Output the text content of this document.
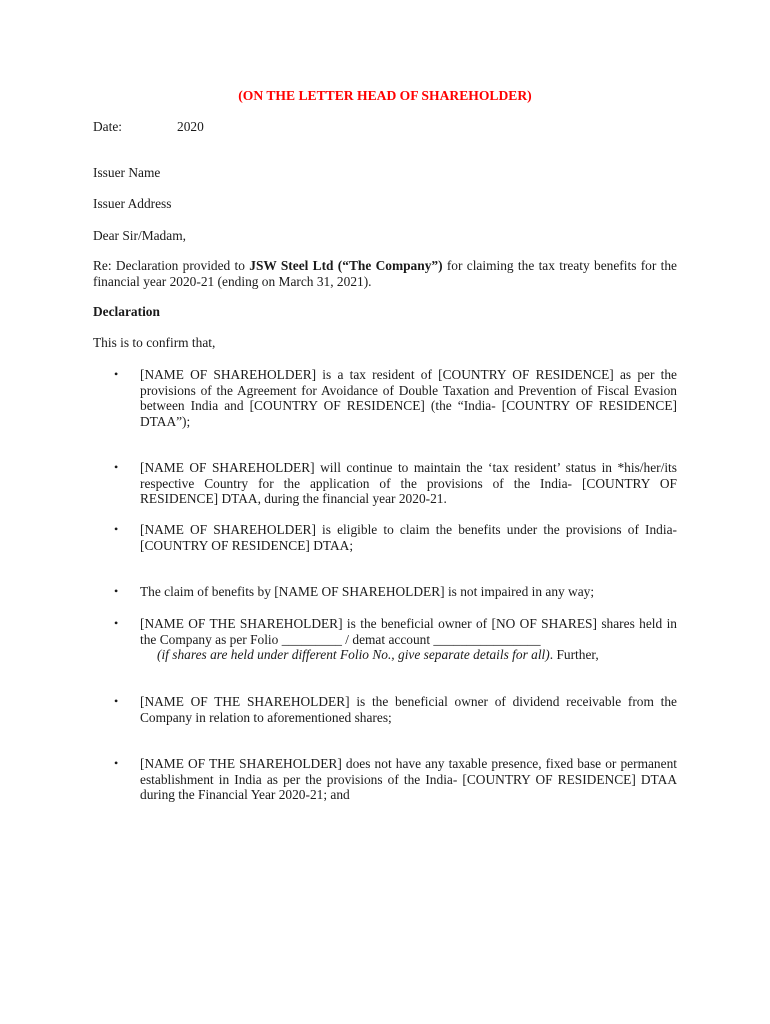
(ON THE LETTER HEAD OF SHAREHOLDER)
Date:	2020
Issuer Name
Issuer Address
Dear Sir/Madam,
Re: Declaration provided to JSW Steel Ltd (“The Company”) for claiming the tax treaty benefits for the financial year 2020-21 (ending on March 31, 2021).
Declaration
This is to confirm that,
• [NAME OF SHAREHOLDER] is a tax resident of [COUNTRY OF RESIDENCE] as per the provisions of the Agreement for Avoidance of Double Taxation and Prevention of Fiscal Evasion between India and [COUNTRY OF RESIDENCE] (the “India- [COUNTRY OF RESIDENCE] DTAA”);
• [NAME OF SHAREHOLDER] will continue to maintain the ‘tax resident’ status in *his/her/its respective Country for the application of the provisions of the India- [COUNTRY OF RESIDENCE] DTAA, during the financial year 2020-21.
• [NAME OF SHAREHOLDER] is eligible to claim the benefits under the provisions of India-[COUNTRY OF RESIDENCE] DTAA;
• The claim of benefits by [NAME OF SHAREHOLDER] is not impaired in any way;
• [NAME OF THE SHAREHOLDER] is the beneficial owner of [NO OF SHARES] shares held in the Company as per Folio _________ / demat account ________________
(if shares are held under different Folio No., give separate details for all). Further,
• [NAME OF THE SHAREHOLDER] is the beneficial owner of dividend receivable from the Company in relation to aforementioned shares;
• [NAME OF THE SHAREHOLDER] does not have any taxable presence, fixed base or permanent establishment in India as per the provisions of the India- [COUNTRY OF RESIDENCE] DTAA during the Financial Year 2020-21; and
